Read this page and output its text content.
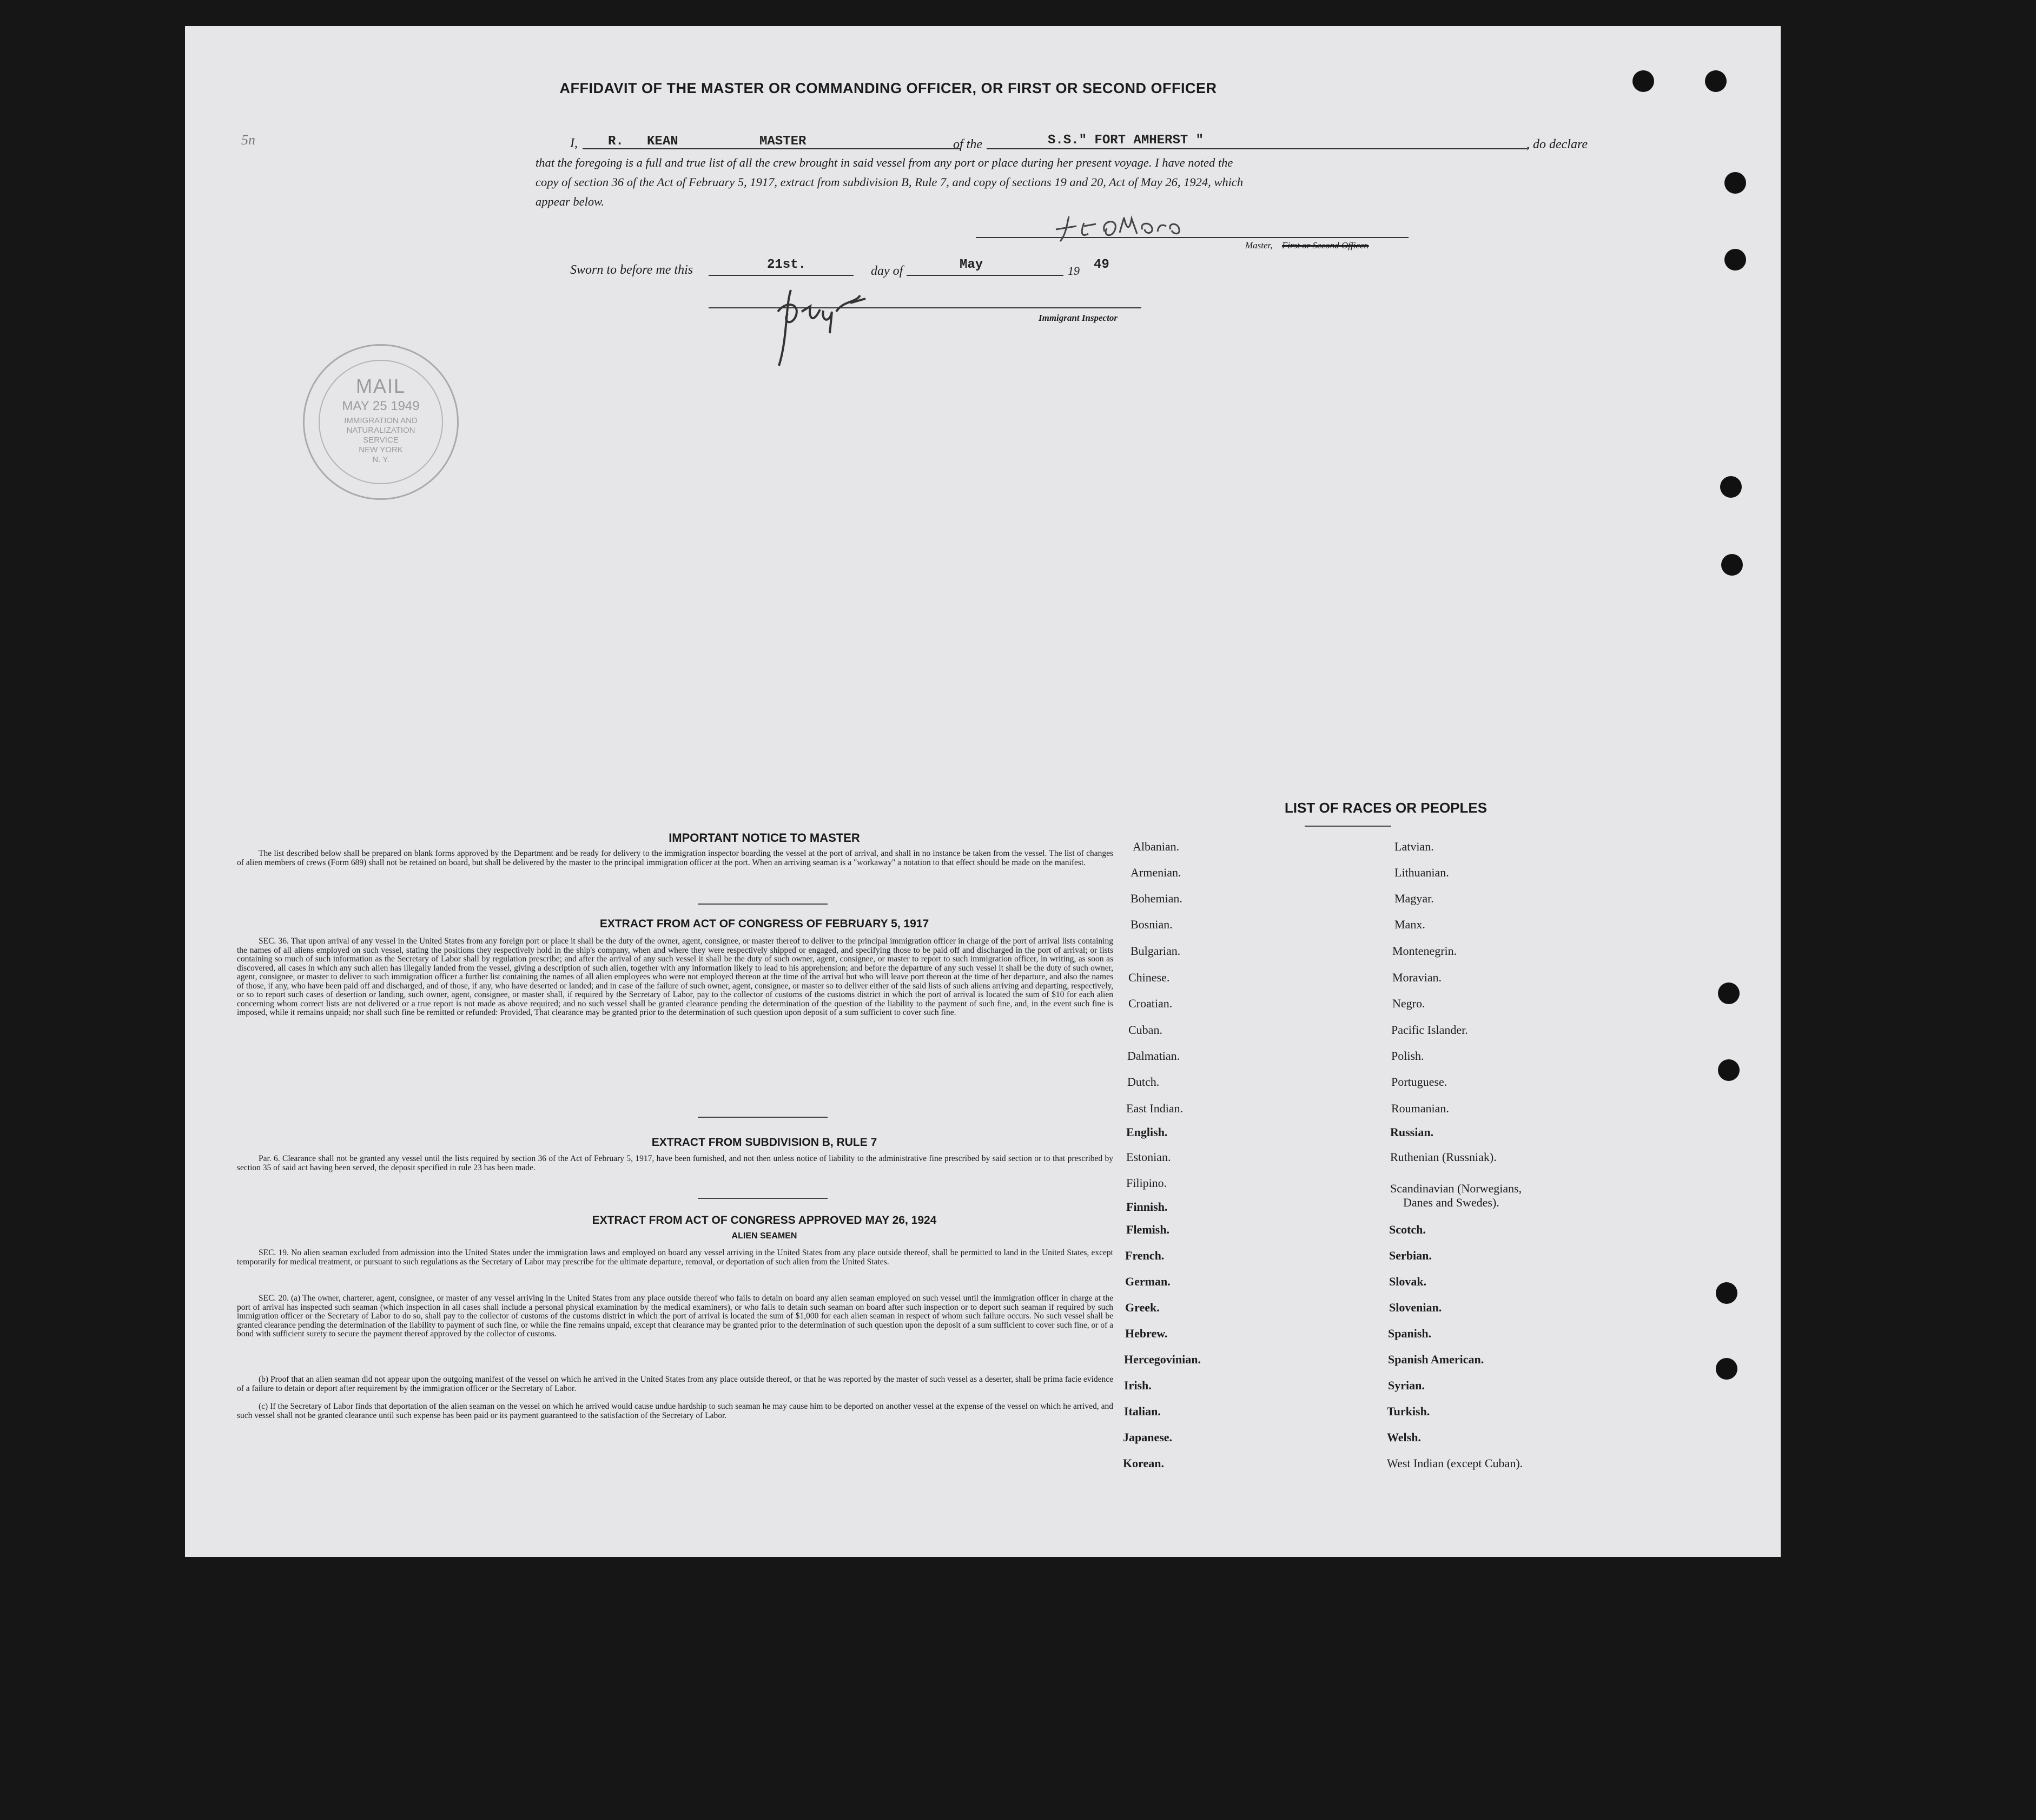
AFFIDAVIT OF THE MASTER OR COMMANDING OFFICER, OR FIRST OR SECOND OFFICER
5n	I, R.   KEAN	MASTER	of the	S.S." FORT AMHERST "	, do declare
that the foregoing is a full and true list of all the crew brought in said vessel from any port or place during her present voyage. I have noted the
copy of section 36 of the Act of February 5, 1917, extract from subdivision B, Rule 7, and copy of sections 19 and 20, Act of May 26, 1924, which
appear below.
Master, First or Second Officer.
Sworn to before me this	21st.	day of	May	19 49
Immigrant Inspector
MAIL
MAY 25 1949
IMMIGRATION AND
NATURALIZATION
SERVICE
NEW YORK
N. Y.
IMPORTANT NOTICE TO MASTER
The list described below shall be prepared on blank forms approved by the Department and be ready for delivery to the immigration inspector boarding the vessel at the port of arrival, and shall in no instance be taken from the vessel. The list of changes of alien members of crews (Form 689) shall not be retained on board, but shall be delivered by the master to the principal immigration officer at the port. When an arriving seaman is a "workaway" a notation to that effect should be made on the manifest.
EXTRACT FROM ACT OF CONGRESS OF FEBRUARY 5, 1917
SEC. 36. That upon arrival of any vessel in the United States from any foreign port or place it shall be the duty of the owner, agent, consignee, or master thereof to deliver to the principal immigration officer in charge of the port of arrival lists containing the names of all aliens employed on such vessel, stating the positions they respectively hold in the ship's company, when and where they were respectively shipped or engaged, and specifying those to be paid off and discharged in the port of arrival; or lists containing so much of such information as the Secretary of Labor shall by regulation prescribe; and after the arrival of any such vessel it shall be the duty of such owner, agent, consignee, or master to report to such immigration officer, in writing, as soon as discovered, all cases in which any such alien has illegally landed from the vessel, giving a description of such alien, together with any information likely to lead to his apprehension; and before the departure of any such vessel it shall be the duty of such owner, agent, consignee, or master to deliver to such immigration officer a further list containing the names of all alien employees who were not employed thereon at the time of the arrival but who will leave port thereon at the time of her departure, and also the names of those, if any, who have been paid off and discharged, and of those, if any, who have deserted or landed; and in case of the failure of such owner, agent, consignee, or master so to deliver either of the said lists of such aliens arriving and departing, respectively, or so to report such cases of desertion or landing, such owner, agent, consignee, or master shall, if required by the Secretary of Labor, pay to the collector of customs of the customs district in which the port of arrival is located the sum of $10 for each alien concerning whom correct lists are not delivered or a true report is not made as above required; and no such vessel shall be granted clearance pending the determination of the question of the liability to the payment of such fine, and, in the event such fine is imposed, while it remains unpaid; nor shall such fine be remitted or refunded: Provided, That clearance may be granted prior to the determination of such question upon deposit of a sum sufficient to cover such fine.
EXTRACT FROM SUBDIVISION B, RULE 7
Par. 6. Clearance shall not be granted any vessel until the lists required by section 36 of the Act of February 5, 1917, have been furnished, and not then unless notice of liability to the administrative fine prescribed by said section or to that prescribed by section 35 of said act having been served, the deposit specified in rule 23 has been made.
EXTRACT FROM ACT OF CONGRESS APPROVED MAY 26, 1924
ALIEN SEAMEN
SEC. 19. No alien seaman excluded from admission into the United States under the immigration laws and employed on board any vessel arriving in the United States from any place outside thereof, shall be permitted to land in the United States, except temporarily for medical treatment, or pursuant to such regulations as the Secretary of Labor may prescribe for the ultimate departure, removal, or deportation of such alien from the United States.
SEC. 20. (a) The owner, charterer, agent, consignee, or master of any vessel arriving in the United States from any place outside thereof who fails to detain on board any alien seaman employed on such vessel until the immigration officer in charge at the port of arrival has inspected such seaman (which inspection in all cases shall include a personal physical examination by the medical examiners), or who fails to detain such seaman on board after such inspection or to deport such seaman if required by such immigration officer or the Secretary of Labor to do so, shall pay to the collector of customs of the customs district in which the port of arrival is located the sum of $1,000 for each alien seaman in respect of whom such failure occurs. No such vessel shall be granted clearance pending the determination of the liability to payment of such fine, or while the fine remains unpaid, except that clearance may be granted prior to the determination of such question upon the deposit of a sum sufficient to cover such fine, or of a bond with sufficient surety to secure the payment thereof approved by the collector of customs.
(b) Proof that an alien seaman did not appear upon the outgoing manifest of the vessel on which he arrived in the United States from any place outside thereof, or that he was reported by the master of such vessel as a deserter, shall be prima facie evidence of a failure to detain or deport after requirement by the immigration officer or the Secretary of Labor.
(c) If the Secretary of Labor finds that deportation of the alien seaman on the vessel on which he arrived would cause undue hardship to such seaman he may cause him to be deported on another vessel at the expense of the vessel on which he arrived, and such vessel shall not be granted clearance until such expense has been paid or its payment guaranteed to the satisfaction of the Secretary of Labor.
LIST OF RACES OR PEOPLES
Albanian.
Armenian.
Bohemian.
Bosnian.
Bulgarian.
Chinese.
Croatian.
Cuban.
Dalmatian.
Dutch.
East Indian.
English.
Estonian.
Filipino.
Finnish.
Flemish.
French.
German.
Greek.
Hebrew.
Hercegovinian.
Irish.
Italian.
Japanese.
Korean.
Latvian.
Lithuanian.
Magyar.
Manx.
Montenegrin.
Moravian.
Negro.
Pacific Islander.
Polish.
Portuguese.
Roumanian.
Russian.
Ruthenian (Russniak).
Scandinavian (Norwegians,
Danes and Swedes).
Scotch.
Serbian.
Slovak.
Slovenian.
Spanish.
Spanish American.
Syrian.
Turkish.
Welsh.
West Indian (except Cuban).
